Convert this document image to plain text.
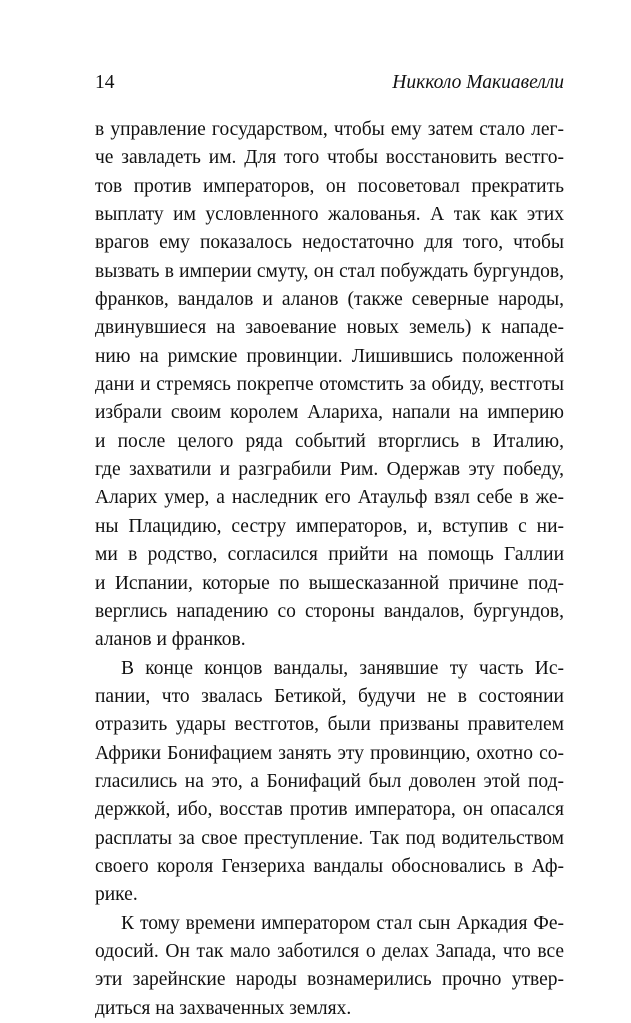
14	Никколо Макиавелли
в управление государством, чтобы ему затем стало лег-
че завладеть им. Для того чтобы восстановить вестго-
тов против императоров, он посоветовал прекратить
выплату им условленного жалованья. А так как этих
врагов ему показалось недостаточно для того, чтобы
вызвать в империи смуту, он стал побуждать бургундов,
франков, вандалов и аланов (также северные народы,
двинувшиеся на завоевание новых земель) к нападе-
нию на римские провинции. Лишившись положенной
дани и стремясь покрепче отомстить за обиду, вестготы
избрали своим королем Алариха, напали на империю
и после целого ряда событий вторглись в Италию,
где захватили и разграбили Рим. Одержав эту победу,
Аларих умер, а наследник его Атаульф взял себе в же-
ны Плацидию, сестру императоров, и, вступив с ни-
ми в родство, согласился прийти на помощь Галлии
и Испании, которые по вышесказанной причине под-
верглись нападению со стороны вандалов, бургундов,
аланов и франков.
В конце концов вандалы, занявшие ту часть Ис-
пании, что звалась Бетикой, будучи не в состоянии
отразить удары вестготов, были призваны правителем
Африки Бонифацием занять эту провинцию, охотно со-
гласились на это, а Бонифаций был доволен этой под-
держкой, ибо, восстав против императора, он опасался
расплаты за свое преступление. Так под водительством
своего короля Гензериха вандалы обосновались в Аф-
рике.
К тому времени императором стал сын Аркадия Фе-
одосий. Он так мало заботился о делах Запада, что все
эти зарейнские народы вознамерились прочно утвер-
диться на захваченных землях.
